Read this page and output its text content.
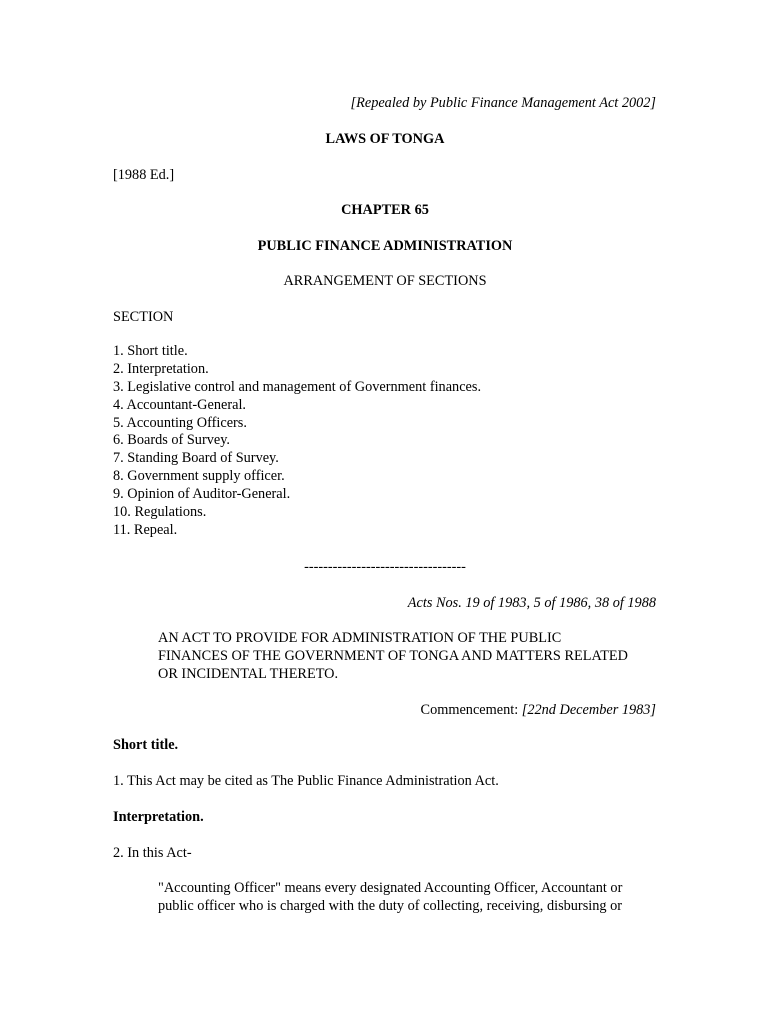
[Repealed by Public Finance Management Act 2002]
LAWS OF TONGA
[1988 Ed.]
CHAPTER 65
PUBLIC FINANCE ADMINISTRATION
ARRANGEMENT OF SECTIONS
SECTION
1. Short title.
2. Interpretation.
3. Legislative control and management of Government finances.
4. Accountant-General.
5. Accounting Officers.
6. Boards of Survey.
7. Standing Board of Survey.
8. Government supply officer.
9. Opinion of Auditor-General.
10. Regulations.
11. Repeal.
----------------------------------
Acts Nos. 19 of 1983, 5 of 1986, 38 of 1988
AN ACT TO PROVIDE FOR ADMINISTRATION OF THE PUBLIC
FINANCES OF THE GOVERNMENT OF TONGA AND MATTERS RELATED
OR INCIDENTAL THERETO.
Commencement: [22nd December 1983]
Short title.
1. This Act may be cited as The Public Finance Administration Act.
Interpretation.
2. In this Act-
"Accounting Officer" means every designated Accounting Officer, Accountant or
public officer who is charged with the duty of collecting, receiving, disbursing or
